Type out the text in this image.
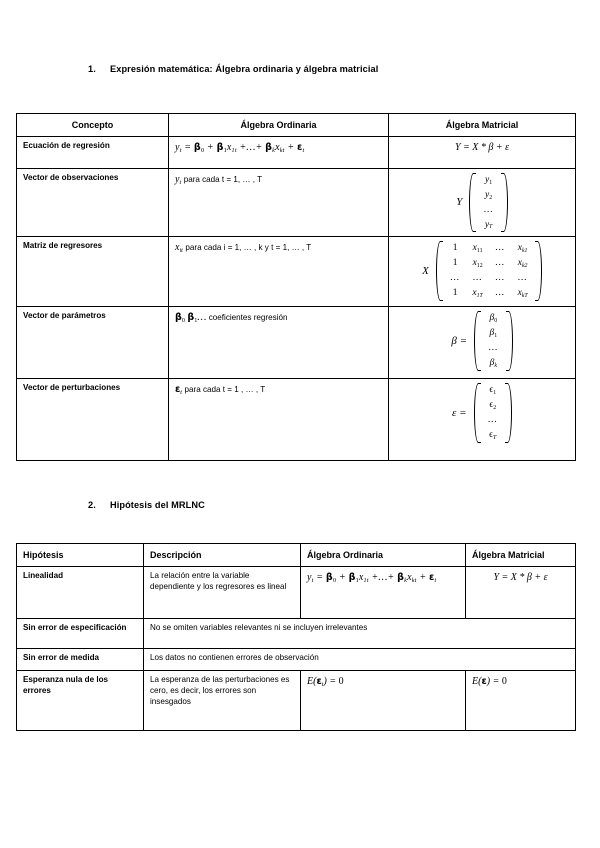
1. Expresión matemática: Álgebra ordinaria y álgebra matricial
Concepto	Álgebra Ordinaria	Álgebra Matricial
Ecuación de regresión	$y_t = \beta_0 + \beta_1x_{1t}$ +…+ $\beta_kx_{kt} + \varepsilon_t$	Y = X * β + ε
Vector de observaciones	$y_t$ para cada t = 1, … , T	Y
$y_1$
$y_2$
…
$y_T$

Matriz de regresores	$x_{it}$ para cada i = 1, … , k y t = 1, … , T	X
1	$x_{11}$	…	$x_{k1}$
1	$x_{12}$	…	$x_{k2}$
…	…	…	…
1	$x_{1T}$	…	$x_{kT}$

Vector de parámetros	$\beta_0$ $\beta_1\dots$ coeficientes regresión	β =
$\beta_0$
$\beta_1$
…
$\beta_k$

Vector de perturbaciones	$\varepsilon_t$ para cada t = 1 , … , T	ε =
$\epsilon_1$
$\epsilon_2$
…
$\epsilon_T$
2. Hipótesis del MRLNC
Hipótesis	Descripción	Álgebra Ordinaria	Álgebra Matricial
Linealidad	La relación entre la variable dependiente y los regresores es lineal	$y_t = \beta_0 + \beta_1x_{1t}$ +…+ $\beta_kx_{kt} + \varepsilon_t$	Y = X * β + ε
Sin error de especificación	No se omiten variables relevantes ni se incluyen irrelevantes		
Sin error de medida	Los datos no contienen errores de observación		
Esperanza nula de los errores	La esperanza de las perturbaciones es cero, es decir, los errores son insesgados	$E(\varepsilon_t) = 0$	E(ε) = 0
